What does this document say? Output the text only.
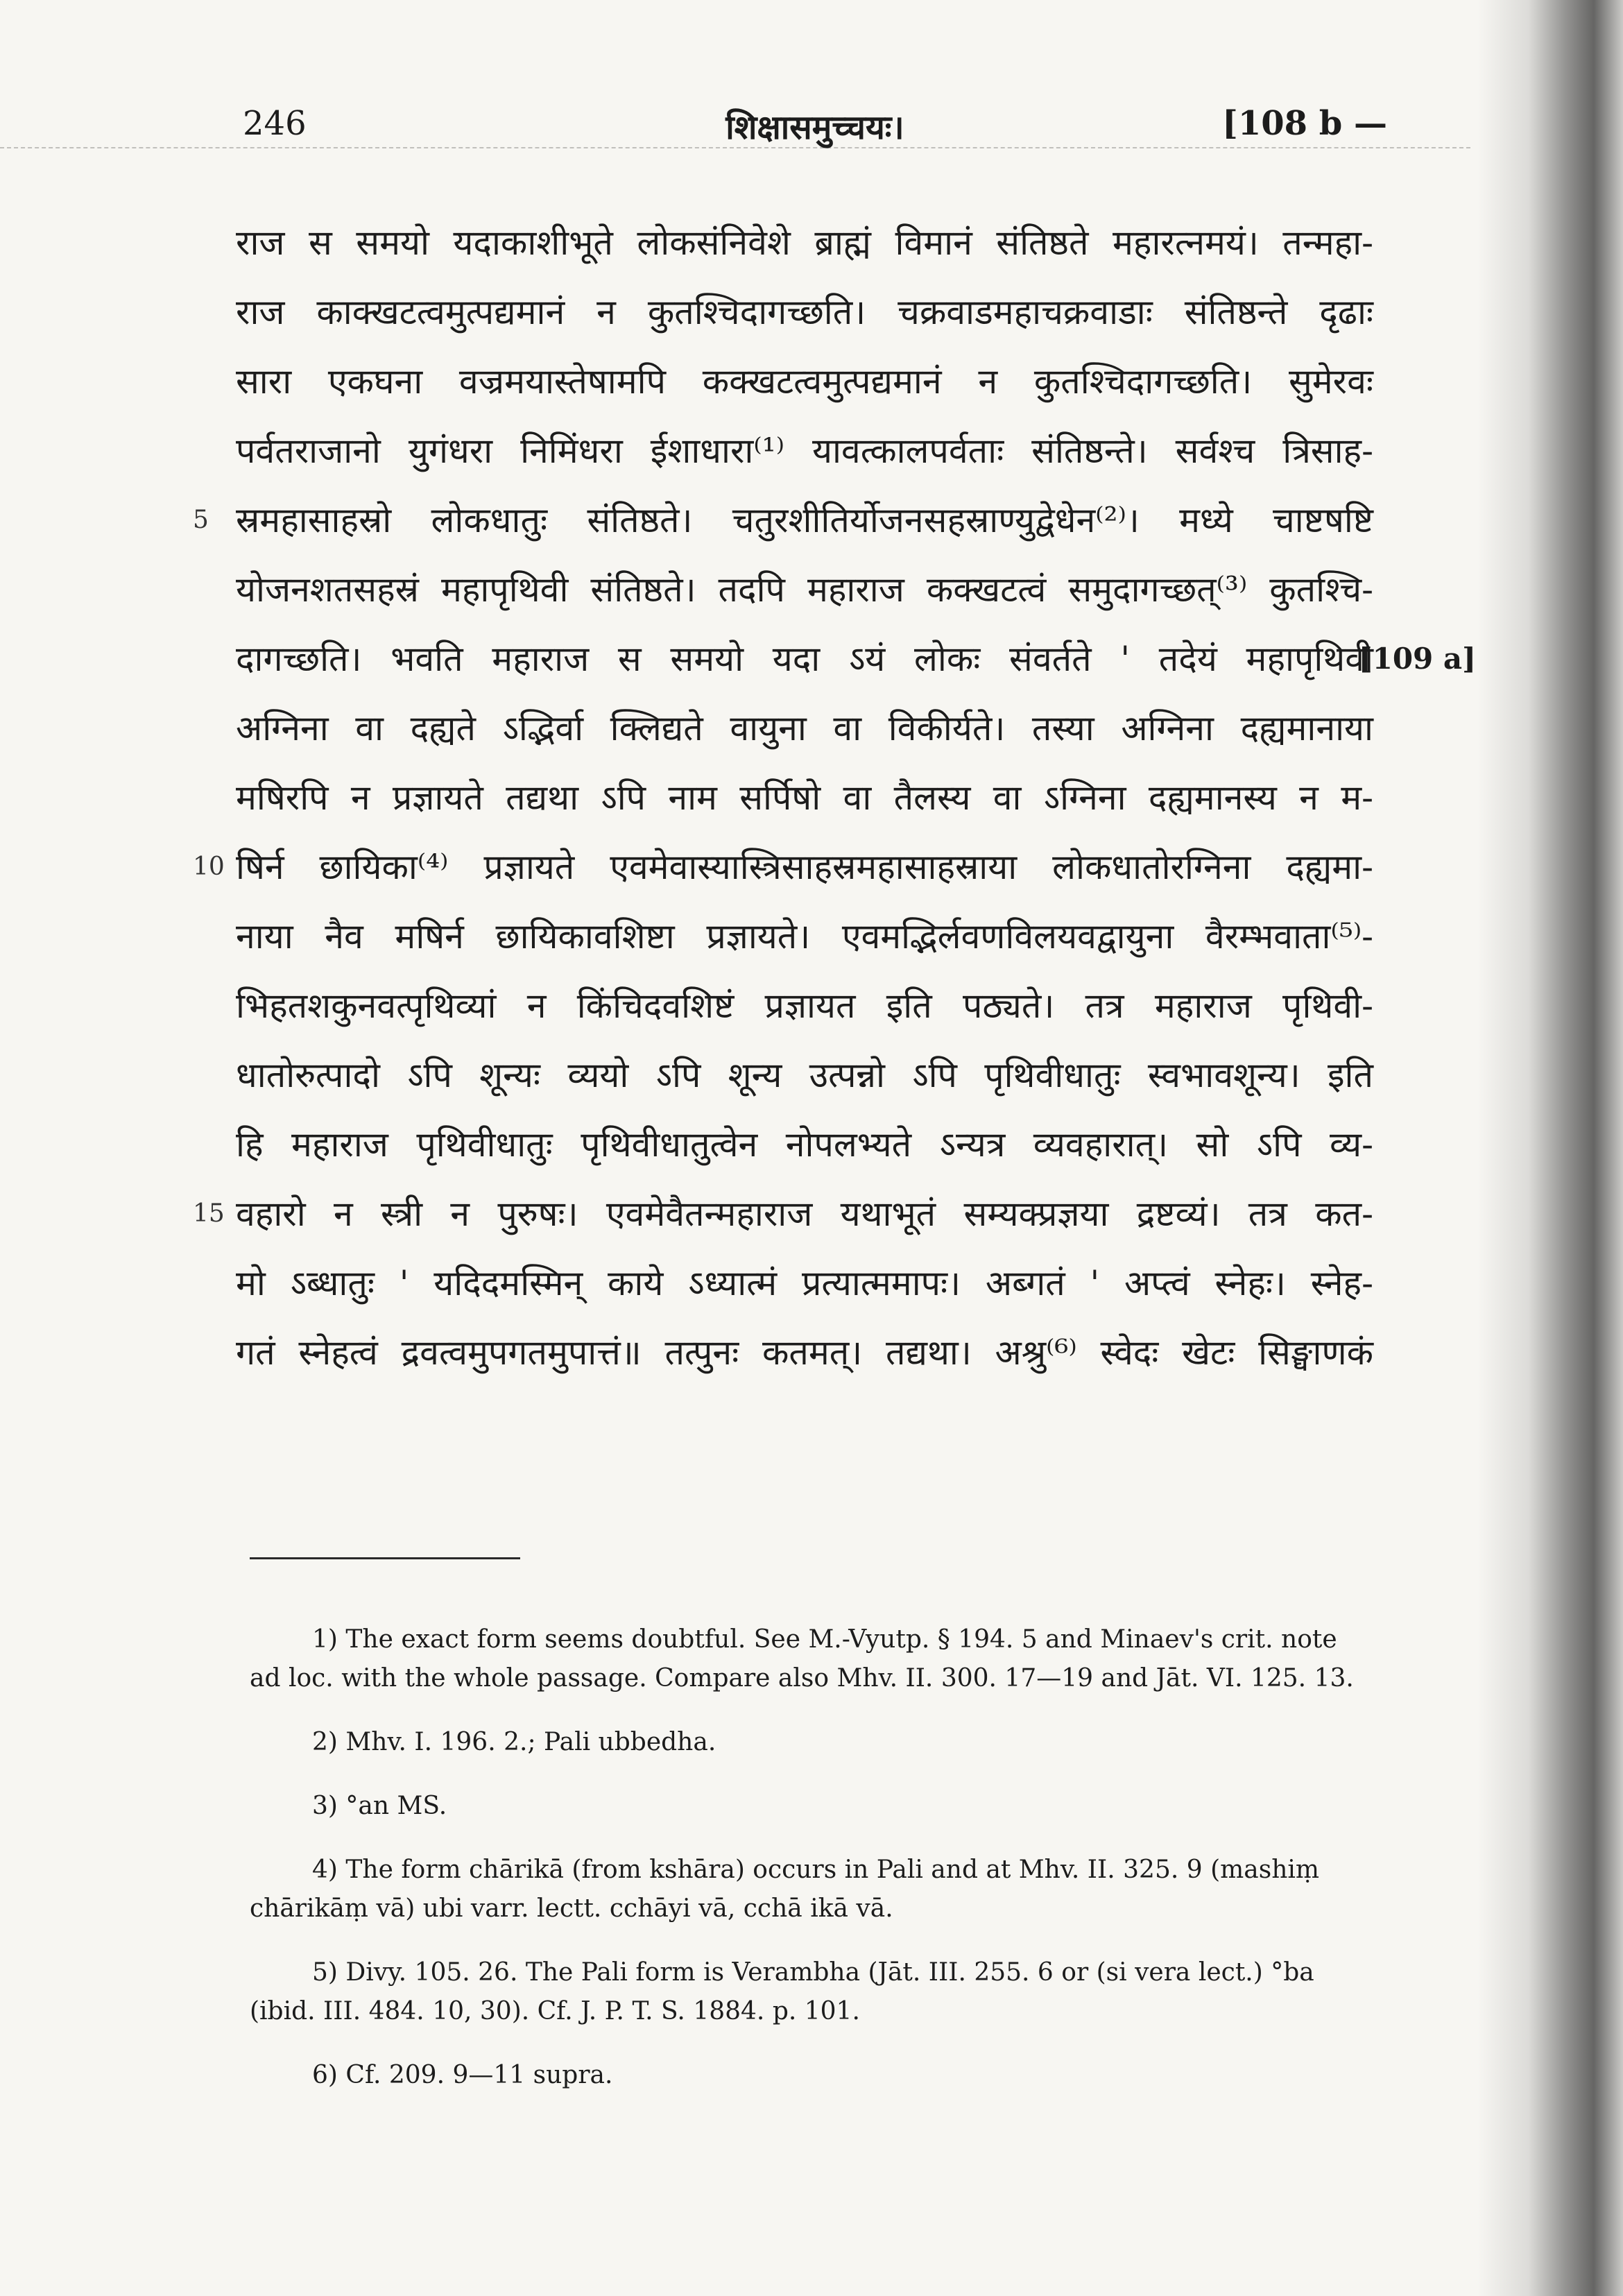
246	शिक्षासमुच्चयः।	[108 b —
राज स समयो यदाकाशीभूते लोकसंनिवेशे ब्राह्मं विमानं संतिष्ठते महारत्नमयं। तन्महा-
राज काक्खटत्वमुत्पद्यमानं न कुतश्चिदागच्छति। चक्रवाडमहाचक्रवाडाः संतिष्ठन्ते दृढाः
सारा एकघना वज्रमयास्तेषामपि कक्खटत्वमुत्पद्यमानं न कुतश्चिदागच्छति। सुमेरवः
पर्वतराजानो युगंधरा निमिंधरा ईशाधारा⁽¹⁾ यावत्कालपर्वताः संतिष्ठन्ते। सर्वश्च त्रिसाह-
5 स्रमहासाहस्रो लोकधातुः संतिष्ठते। चतुरशीतिर्योजनसहस्राण्युद्वेधेन⁽²⁾। मध्ये चाष्टषष्टि
योजनशतसहस्रं महापृथिवी संतिष्ठते। तदपि महाराज कक्खटत्वं समुदागच्छत्⁽³⁾ कुतश्चि-
दागच्छति। भवति महाराज स समयो यदा ऽयं लोकः संवर्तते ' तदेयं महापृथिवी
[109 a]
अग्निना वा दह्यते ऽद्भिर्वा क्लिद्यते वायुना वा विकीर्यते। तस्या अग्निना दह्यमानाया
मषिरपि न प्रज्ञायते तद्यथा ऽपि नाम सर्पिषो वा तैलस्य वा ऽग्निना दह्यमानस्य न म-
10 षिर्न छायिका⁽⁴⁾ प्रज्ञायते एवमेवास्यास्त्रिसाहस्रमहासाहस्राया लोकधातोरग्निना दह्यमा-
नाया नैव मषिर्न छायिकावशिष्टा प्रज्ञायते। एवमद्भिर्लवणविलयवद्वायुना वैरम्भवाता⁽⁵⁾-
भिहतशकुनवत्पृथिव्यां न किंचिदवशिष्टं प्रज्ञायत इति पठ्यते। तत्र महाराज पृथिवी-
धातोरुत्पादो ऽपि शून्यः व्ययो ऽपि शून्य उत्पन्नो ऽपि पृथिवीधातुः स्वभावशून्य। इति
हि महाराज पृथिवीधातुः पृथिवीधातुत्वेन नोपलभ्यते ऽन्यत्र व्यवहारात्। सो ऽपि व्य-
15 वहारो न स्त्री न पुरुषः। एवमेवैतन्महाराज यथाभूतं सम्यक्प्रज्ञया द्रष्टव्यं। तत्र कत-
मो ऽब्धातुः ' यदिदमस्मिन् काये ऽध्यात्मं प्रत्यात्ममापः। अब्गतं ' अप्त्वं स्नेहः। स्नेह-
गतं स्नेहत्वं द्रवत्वमुपगतमुपात्तं॥ तत्पुनः कतमत्। तद्यथा। अश्रु⁽⁶⁾ स्वेदः खेटः सिङ्घाणकं

1) The exact form seems doubtful. See M.-Vyutp. § 194. 5 and Minaev's crit. note ad loc. with the whole passage. Compare also Mhv. II. 300. 17—19 and Jāt. VI. 125. 13.

2) Mhv. I. 196. 2.; Pali ubbedha.

3) °an MS.

4) The form chārikā (from kshāra) occurs in Pali and at Mhv. II. 325. 9 (mashiṃ chārikāṃ vā) ubi varr. lectt. cchāyi vā, cchā ikā vā.

5) Divy. 105. 26. The Pali form is Verambha (Jāt. III. 255. 6 or (si vera lect.) °ba (ibid. III. 484. 10, 30). Cf. J. P. T. S. 1884. p. 101.

6) Cf. 209. 9—11 supra.
